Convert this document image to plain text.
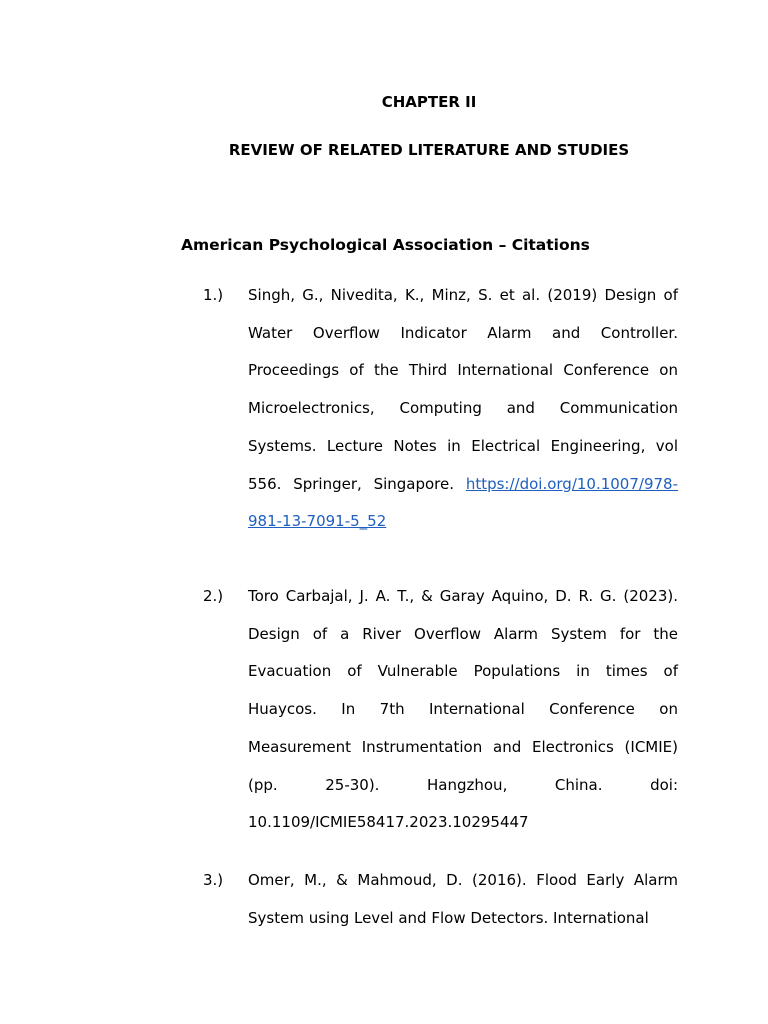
CHAPTER II
REVIEW OF RELATED LITERATURE AND STUDIES
American Psychological Association – Citations
1.) Singh, G., Nivedita, K., Minz, S. et al. (2019) Design of Water Overflow Indicator Alarm and Controller. Proceedings of the Third International Conference on Microelectronics, Computing and Communication Systems. Lecture Notes in Electrical Engineering, vol 556. Springer, Singapore. https://doi.org/10.1007/978-981-13-7091-5_52
2.) Toro Carbajal, J. A. T., & Garay Aquino, D. R. G. (2023). Design of a River Overflow Alarm System for the Evacuation of Vulnerable Populations in times of Huaycos. In 7th International Conference on Measurement Instrumentation and Electronics (ICMIE) (pp. 25-30). Hangzhou, China. doi: 10.1109/ICMIE58417.2023.10295447
3.) Omer, M., & Mahmoud, D. (2016). Flood Early Alarm System using Level and Flow Detectors. International
